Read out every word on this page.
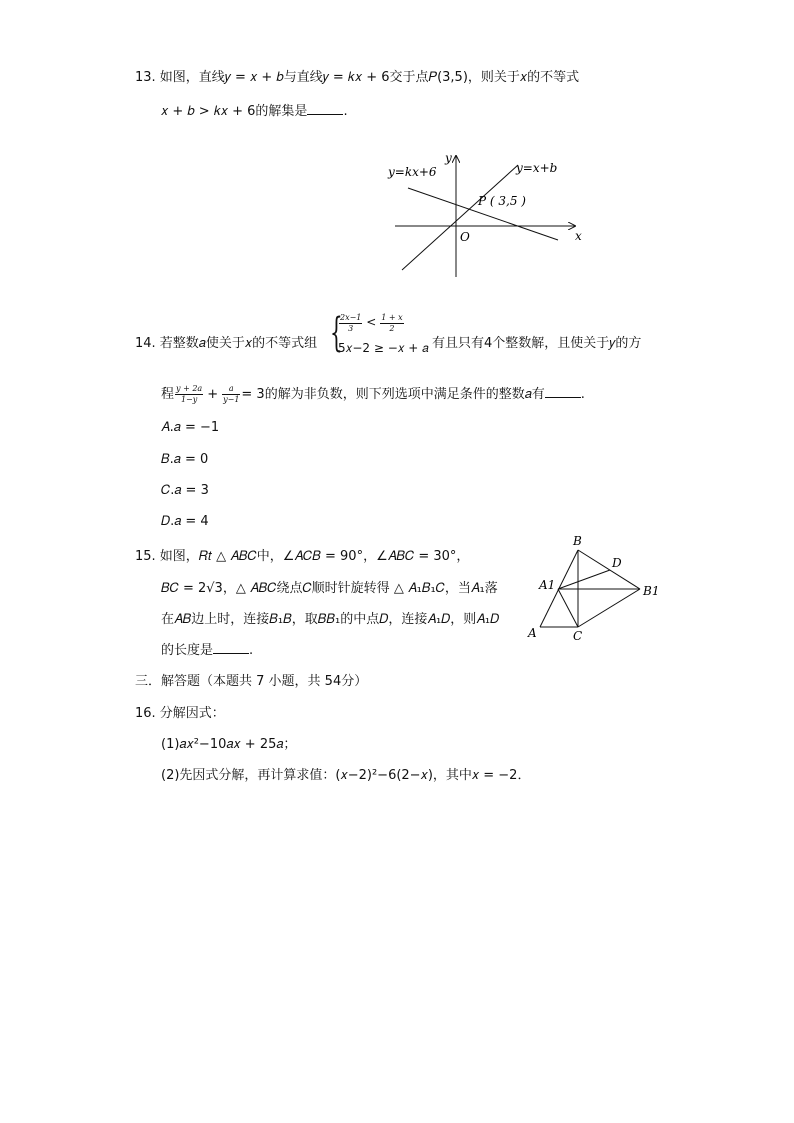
13. 如图，直线𝑦 = 𝑥 + 𝑏与直线𝑦 = 𝑘𝑥 + 6交于点𝑃(3,5)，则关于𝑥的不等式
𝑥 + 𝑏 > 𝑘𝑥 + 6的解集是	.
y=kx+6	y=x+b
P ( 3,5 )
O	x
y
14. 若整数𝑎使关于𝑥的不等式组 {
$\frac{2x-1}{3} < \frac{1 + x}{2}$
5𝑥−2 ≥ −𝑥 + 𝑎 有且只有4个整数解，且使关于𝑦的方
程 $\frac{y + 2a}{1-y} + \frac{a}{y-1} = 3$的解为非负数，则下列选项中满足条件的整数𝑎有	.
𝐴.𝑎 = −1
𝐵.𝑎 = 0
𝐶.𝑎 = 3
𝐷.𝑎 = 4
15. 如图，𝑅𝑡 △ 𝐴𝐵𝐶中，∠𝐴𝐶𝐵 = 90°，∠𝐴𝐵𝐶 = 30°，
𝐵𝐶 = 2√3，△ 𝐴𝐵𝐶绕点𝐶顺时针旋转得 △ 𝐴₁𝐵₁𝐶，当𝐴₁落
在𝐴𝐵边上时，连接𝐵₁𝐵，取𝐵𝐵₁的中点𝐷，连接𝐴₁𝐷，则𝐴₁𝐷
的长度是	.
B
D
A1	B1
A	C
三．解答题（本题共 7 小题，共 54分）
16. 分解因式：
(1)𝑎𝑥²−10𝑎𝑥 + 25𝑎；
(2)先因式分解，再计算求值：(𝑥−2)²−6(2−𝑥)，其中𝑥 = −2．
